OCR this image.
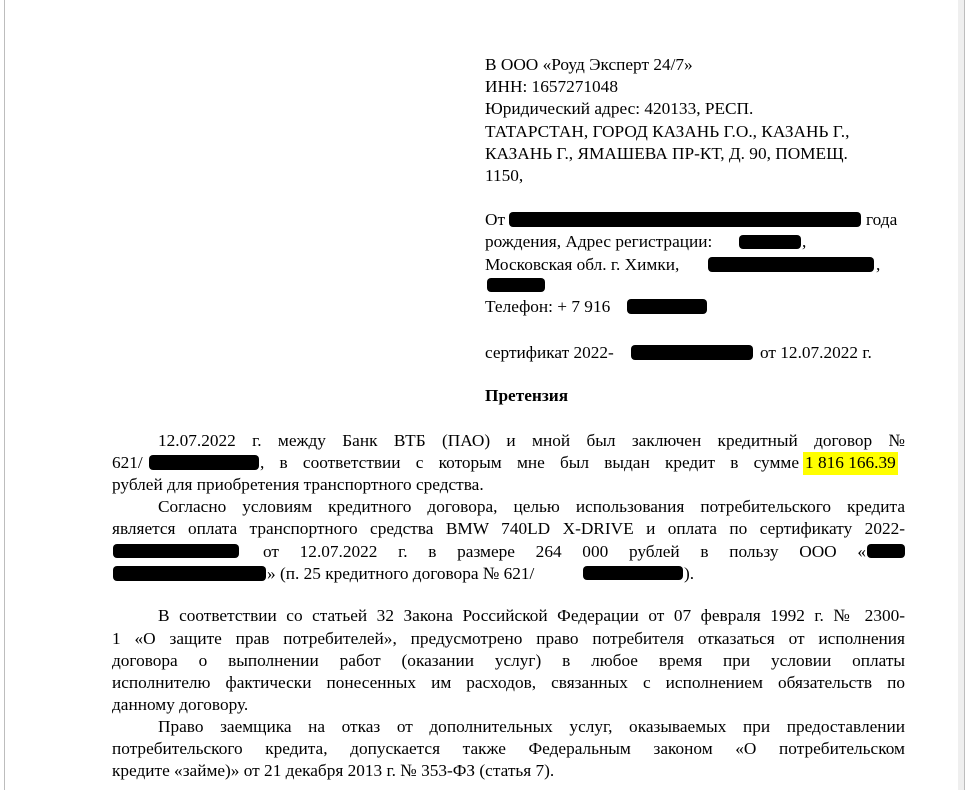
В ООО «Роуд Эксперт 24/7»
ИНН: 1657271048
Юридический адрес: 420133, РЕСП.
ТАТАРСТАН, ГОРОД КАЗАНЬ Г.О., КАЗАНЬ Г.,
КАЗАНЬ Г., ЯМАШЕВА ПР-КТ, Д. 90, ПОМЕЩ.
1150,
От	года
рождения, Адрес регистрации:	,
Московская обл. г. Химки,	,
Телефон: + 7 916
сертификат 2022-	от 12.07.2022 г.
Претензия
12.07.2022 г. между Банк ВТБ (ПАО) и мной был заключен кредитный договор №
621/	, в соответствии с которым мне был выдан кредит в сумме 1 816 166.39
рублей для приобретения транспортного средства.
Согласно условиям кредитного договора, целью использования потребительского кредита
является оплата транспортного средства BMW 740LD X-DRIVE и оплата по сертификату 2022-
от 12.07.2022 г. в размере 264 000 рублей в пользу ООО «
» (п. 25 кредитного договора № 621/	).
В соответствии со статьей 32 Закона Российской Федерации от 07 февраля 1992 г. № 2300-
1 «О защите прав потребителей», предусмотрено право потребителя отказаться от исполнения
договора о выполнении работ (оказании услуг) в любое время при условии оплаты
исполнителю фактически понесенных им расходов, связанных с исполнением обязательств по
данному договору.
Право заемщика на отказ от дополнительных услуг, оказываемых при предоставлении
потребительского кредита, допускается также Федеральным законом «О потребительском
кредите «займе)» от 21 декабря 2013 г. № 353-ФЗ (статья 7).
